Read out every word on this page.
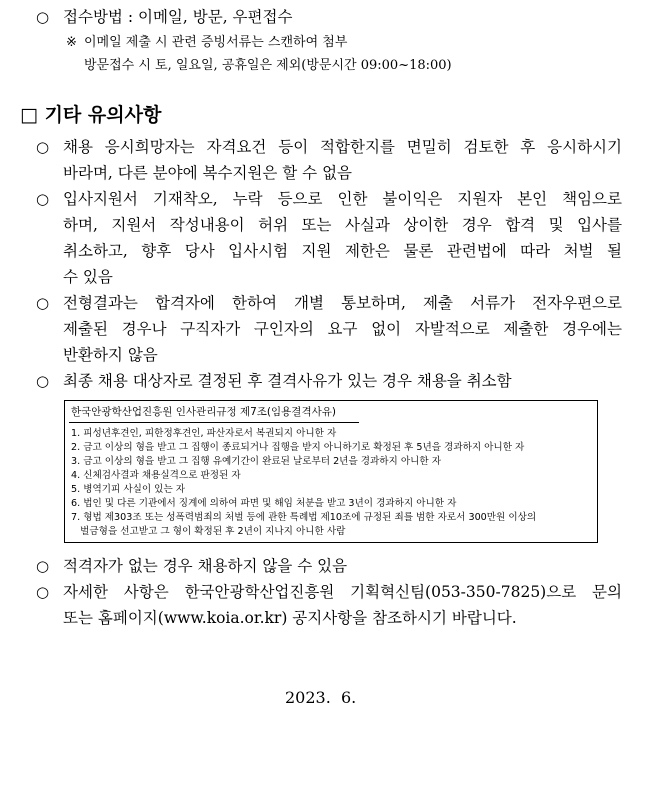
○ 접수방법 : 이메일, 방문, 우편접수
※ 이메일 제출 시 관련 증빙서류는 스캔하여 첨부
방문접수 시 토, 일요일, 공휴일은 제외(방문시간 09:00~18:00)
□ 기타 유의사항
○ 채용 응시희망자는 자격요건 등이 적합한지를 면밀히 검토한 후 응시하시기
바라며, 다른 분야에 복수지원은 할 수 없음
○ 입사지원서 기재착오, 누락 등으로 인한 불이익은 지원자 본인 책임으로
하며, 지원서 작성내용이 허위 또는 사실과 상이한 경우 합격 및 입사를
취소하고, 향후 당사 입사시험 지원 제한은 물론 관련법에 따라 처벌 될
수 있음
○ 전형결과는 합격자에 한하여 개별 통보하며, 제출 서류가 전자우편으로
제출된 경우나 구직자가 구인자의 요구 없이 자발적으로 제출한 경우에는
반환하지 않음
○ 최종 채용 대상자로 결정된 후 결격사유가 있는 경우 채용을 취소함
한국안광학산업진흥원 인사관리규정 제7조(임용결격사유)
1. 피성년후견인, 피한정후견인, 파산자로서 복권되지 아니한 자
2. 금고 이상의 형을 받고 그 집행이 종료되거나 집행을 받지 아니하기로 확정된 후 5년을 경과하지 아니한 자
3. 금고 이상의 형을 받고 그 집행 유예기간이 완료된 날로부터 2년을 경과하지 아니한 자
4. 신체검사결과 채용실격으로 판정된 자
5. 병역기피 사실이 있는 자
6. 법인 및 다른 기관에서 징계에 의하여 파면 및 해임 처분을 받고 3년이 경과하지 아니한 자
7. 형법 제303조 또는 성폭력범죄의 처벌 등에 관한 특례법 제10조에 규정된 죄를 범한 자로서 300만원 이상의
벌금형을 선고받고 그 형이 확정된 후 2년이 지나지 아니한 사람
○ 적격자가 없는 경우 채용하지 않을 수 있음
○ 자세한 사항은 한국안광학산업진흥원 기획혁신팀(053-350-7825)으로 문의
또는 홈페이지(www.koia.or.kr) 공지사항을 참조하시기 바랍니다.
2023.  6.
